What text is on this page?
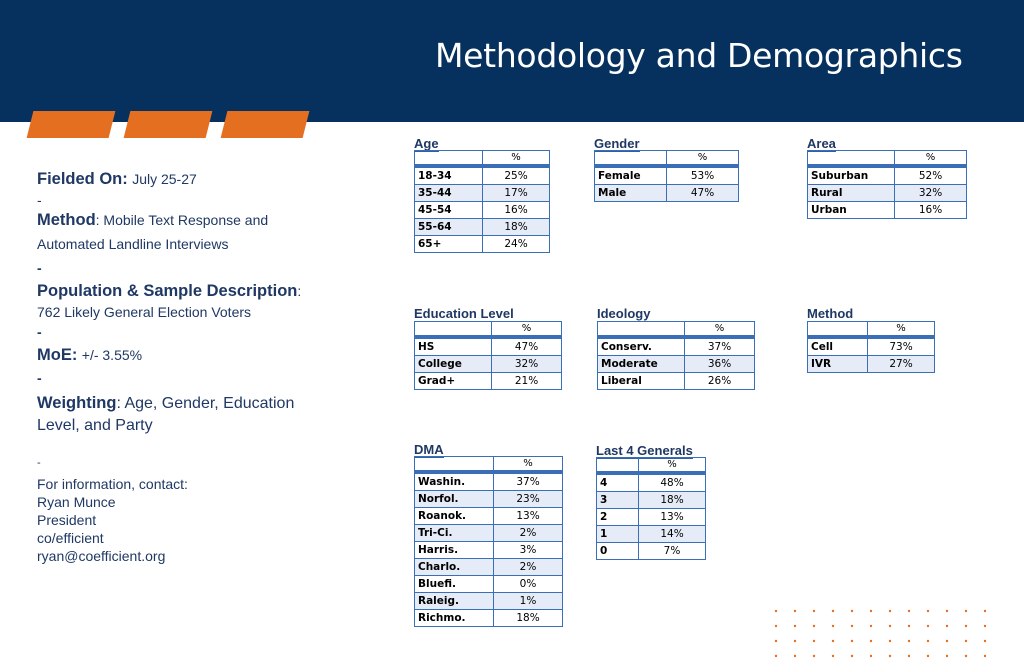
Methodology and Demographics
Fielded On: July 25-27
-
Method: Mobile Text Response and
Automated Landline Interviews
-
Population & Sample Description:
762 Likely General Election Voters
-
MoE: +/- 3.55%
-
Weighting: Age, Gender, Education
Level, and Party
-
For information, contact:
Ryan Munce
President
co/efficient
ryan@coefficient.org
Age
	%
18-34	25%
35-44	17%
45-54	16%
55-64	18%
65+	24%
Gender
	%
Female	53%
Male	47%
Area
	%
Suburban	52%
Rural	32%
Urban	16%
Education Level
	%
HS	47%
College	32%
Grad+	21%
Ideology
	%
Conserv.	37%
Moderate	36%
Liberal	26%
Method
	%
Cell	73%
IVR	27%
DMA
	%
Washin.	37%
Norfol.	23%
Roanok.	13%
Tri-Ci.	2%
Harris.	3%
Charlo.	2%
Bluefi.	0%
Raleig.	1%
Richmo.	18%
Last 4 Generals
	%
4	48%
3	18%
2	13%
1	14%
0	7%
